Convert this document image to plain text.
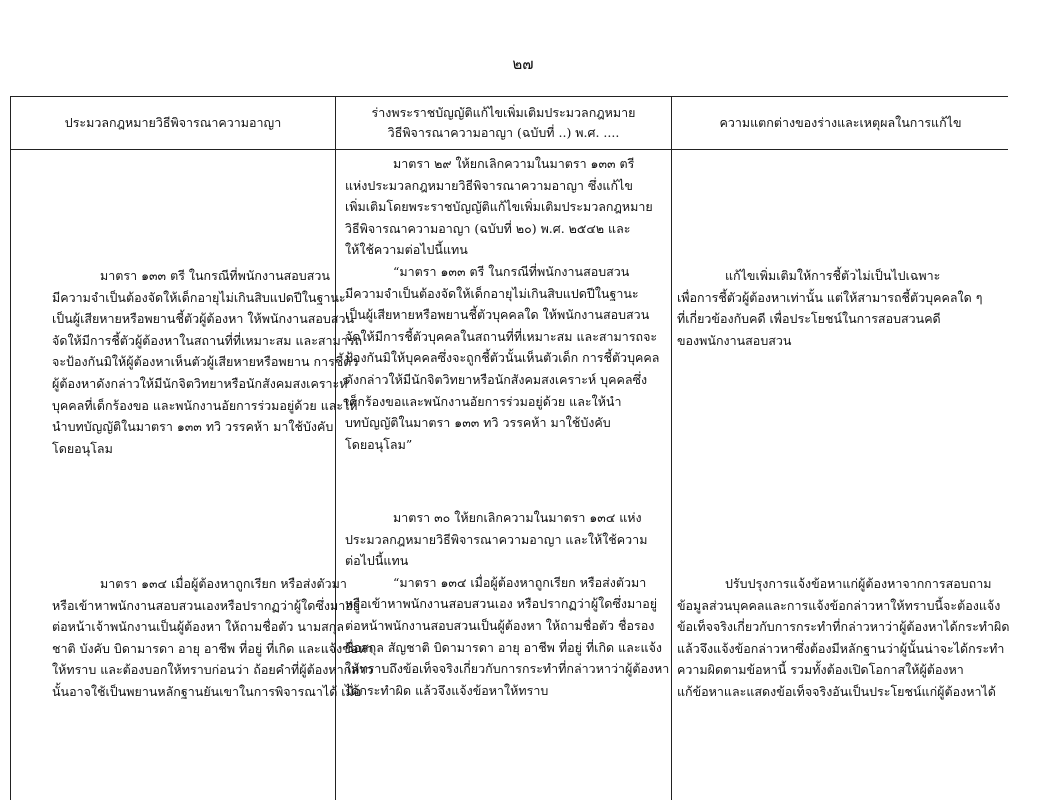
๒๗
ประมวลกฎหมายวิธีพิจารณาความอาญา
ร่างพระราชบัญญัติแก้ไขเพิ่มเติมประมวลกฎหมาย
วิธีพิจารณาความอาญา (ฉบับที่ ..) พ.ศ. ....
ความแตกต่างของร่างและเหตุผลในการแก้ไข
มาตรา ๑๓๓ ตรี ในกรณีที่พนักงานสอบสวน
มีความจำเป็นต้องจัดให้เด็กอายุไม่เกินสิบแปดปีในฐานะ
เป็นผู้เสียหายหรือพยานชี้ตัวผู้ต้องหา ให้พนักงานสอบสวน
จัดให้มีการชี้ตัวผู้ต้องหาในสถานที่ที่เหมาะสม และสามารถ
จะป้องกันมิให้ผู้ต้องหาเห็นตัวผู้เสียหายหรือพยาน การชี้ตัว
ผู้ต้องหาดังกล่าวให้มีนักจิตวิทยาหรือนักสังคมสงเคราะห์
บุคคลที่เด็กร้องขอ และพนักงานอัยการร่วมอยู่ด้วย และให้
นำบทบัญญัติในมาตรา ๑๓๓ ทวิ วรรคห้า มาใช้บังคับ
โดยอนุโลม
มาตรา ๑๓๔ เมื่อผู้ต้องหาถูกเรียก หรือส่งตัวมา
หรือเข้าหาพนักงานสอบสวนเองหรือปรากฏว่าผู้ใดซึ่งมาอยู่
ต่อหน้าเจ้าพนักงานเป็นผู้ต้องหา ให้ถามชื่อตัว นามสกุล
ชาติ บังคับ บิดามารดา อายุ อาชีพ ที่อยู่ ที่เกิด และแจ้งข้อหา
ให้ทราบ และต้องบอกให้ทราบก่อนว่า ถ้อยคำที่ผู้ต้องหากล่าว
นั้นอาจใช้เป็นพยานหลักฐานยันเขาในการพิจารณาได้ เมื่อ
มาตรา ๒๙ ให้ยกเลิกความในมาตรา ๑๓๓ ตรี
แห่งประมวลกฎหมายวิธีพิจารณาความอาญา ซึ่งแก้ไข
เพิ่มเติมโดยพระราชบัญญัติแก้ไขเพิ่มเติมประมวลกฎหมาย
วิธีพิจารณาความอาญา (ฉบับที่ ๒๐) พ.ศ. ๒๕๔๒ และ
ให้ใช้ความต่อไปนี้แทน
“มาตรา ๑๓๓ ตรี ในกรณีที่พนักงานสอบสวน
มีความจำเป็นต้องจัดให้เด็กอายุไม่เกินสิบแปดปีในฐานะ
เป็นผู้เสียหายหรือพยานชี้ตัวบุคคลใด ให้พนักงานสอบสวน
จัดให้มีการชี้ตัวบุคคลในสถานที่ที่เหมาะสม และสามารถจะ
ป้องกันมิให้บุคคลซึ่งจะถูกชี้ตัวนั้นเห็นตัวเด็ก การชี้ตัวบุคคล
ดังกล่าวให้มีนักจิตวิทยาหรือนักสังคมสงเคราะห์ บุคคลซึ่ง
เด็กร้องขอและพนักงานอัยการร่วมอยู่ด้วย และให้นำ
บทบัญญัติในมาตรา ๑๓๓ ทวิ วรรคห้า มาใช้บังคับ
โดยอนุโลม”
มาตรา ๓๐ ให้ยกเลิกความในมาตรา ๑๓๔ แห่ง
ประมวลกฎหมายวิธีพิจารณาความอาญา และให้ใช้ความ
ต่อไปนี้แทน
“มาตรา ๑๓๔ เมื่อผู้ต้องหาถูกเรียก หรือส่งตัวมา
หรือเข้าหาพนักงานสอบสวนเอง หรือปรากฏว่าผู้ใดซึ่งมาอยู่
ต่อหน้าพนักงานสอบสวนเป็นผู้ต้องหา ให้ถามชื่อตัว ชื่อรอง
ชื่อสกุล สัญชาติ บิดามารดา อายุ อาชีพ ที่อยู่ ที่เกิด และแจ้ง
ให้ทราบถึงข้อเท็จจริงเกี่ยวกับการกระทำที่กล่าวหาว่าผู้ต้องหา
ได้กระทำผิด แล้วจึงแจ้งข้อหาให้ทราบ
แก้ไขเพิ่มเติมให้การชี้ตัวไม่เป็นไปเฉพาะ
เพื่อการชี้ตัวผู้ต้องหาเท่านั้น แต่ให้สามารถชี้ตัวบุคคลใด ๆ
ที่เกี่ยวข้องกับคดี เพื่อประโยชน์ในการสอบสวนคดี
ของพนักงานสอบสวน
ปรับปรุงการแจ้งข้อหาแก่ผู้ต้องหาจากการสอบถาม
ข้อมูลส่วนบุคคลและการแจ้งข้อกล่าวหาให้ทราบนี้จะต้องแจ้ง
ข้อเท็จจริงเกี่ยวกับการกระทำที่กล่าวหาว่าผู้ต้องหาได้กระทำผิด
แล้วจึงแจ้งข้อกล่าวหาซึ่งต้องมีหลักฐานว่าผู้นั้นน่าจะได้กระทำ
ความผิดตามข้อหานี้ รวมทั้งต้องเปิดโอกาสให้ผู้ต้องหา
แก้ข้อหาและแสดงข้อเท็จจริงอันเป็นประโยชน์แก่ผู้ต้องหาได้
